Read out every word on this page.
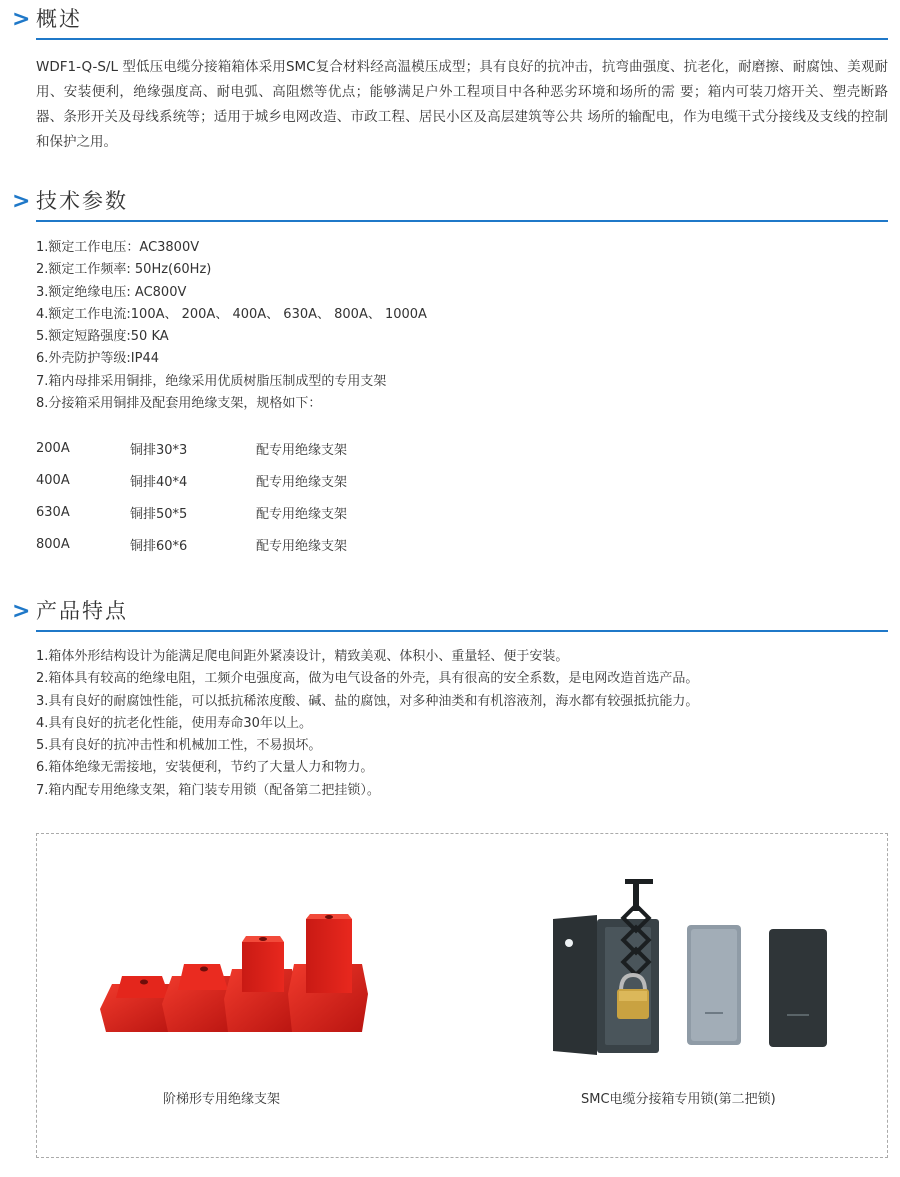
> 概述

WDF1-Q-S/L 型低压电缆分接箱箱体采用SMC复合材料经高温模压成型；具有良好的抗冲击，抗弯曲强度、抗老化，耐磨擦、耐腐蚀、美观耐用、安装便利，绝缘强度高、耐电弧、高阻燃等优点；能够满足户外工程项目中各种恶劣环境和场所的需 要；箱内可装刀熔开关、塑壳断路器、条形开关及母线系统等；适用于城乡电网改造、市政工程、居民小区及高层建筑等公共 场所的输配电，作为电缆干式分接线及支线的控制和保护之用。

> 技术参数
1.额定工作电压：AC3800V
2.额定工作频率: 50Hz(60Hz)
3.额定绝缘电压: AC800V
4.额定工作电流:100A、 200A、 400A、 630A、 800A、 1000A
5.额定短路强度:50 KA
6.外壳防护等级:IP44
7.箱内母排采用铜排，绝缘采用优质树脂压制成型的专用支架
8.分接箱采用铜排及配套用绝缘支架，规格如下：
200A	铜排30*3	配专用绝缘支架
400A	铜排40*4	配专用绝缘支架
630A	铜排50*5	配专用绝缘支架
800A	铜排60*6	配专用绝缘支架
> 产品特点
1.箱体外形结构设计为能满足爬电间距外紧凑设计，精致美观、体积小、重量轻、便于安装。
2.箱体具有较高的绝缘电阻，工频介电强度高，做为电气设备的外壳，具有很高的安全系数，是电网改造首选产品。
3.具有良好的耐腐蚀性能，可以抵抗稀浓度酸、碱、盐的腐蚀，对多种油类和有机溶液剂，海水都有较强抵抗能力。
4.具有良好的抗老化性能，使用寿命30年以上。
5.具有良好的抗冲击性和机械加工性，不易损坏。
6.箱体绝缘无需接地，安装便利，节约了大量人力和物力。
7.箱内配专用绝缘支架，箱门装专用锁（配备第二把挂锁）。
阶梯形专用绝缘支架	SMC电缆分接箱专用锁(第二把锁)
